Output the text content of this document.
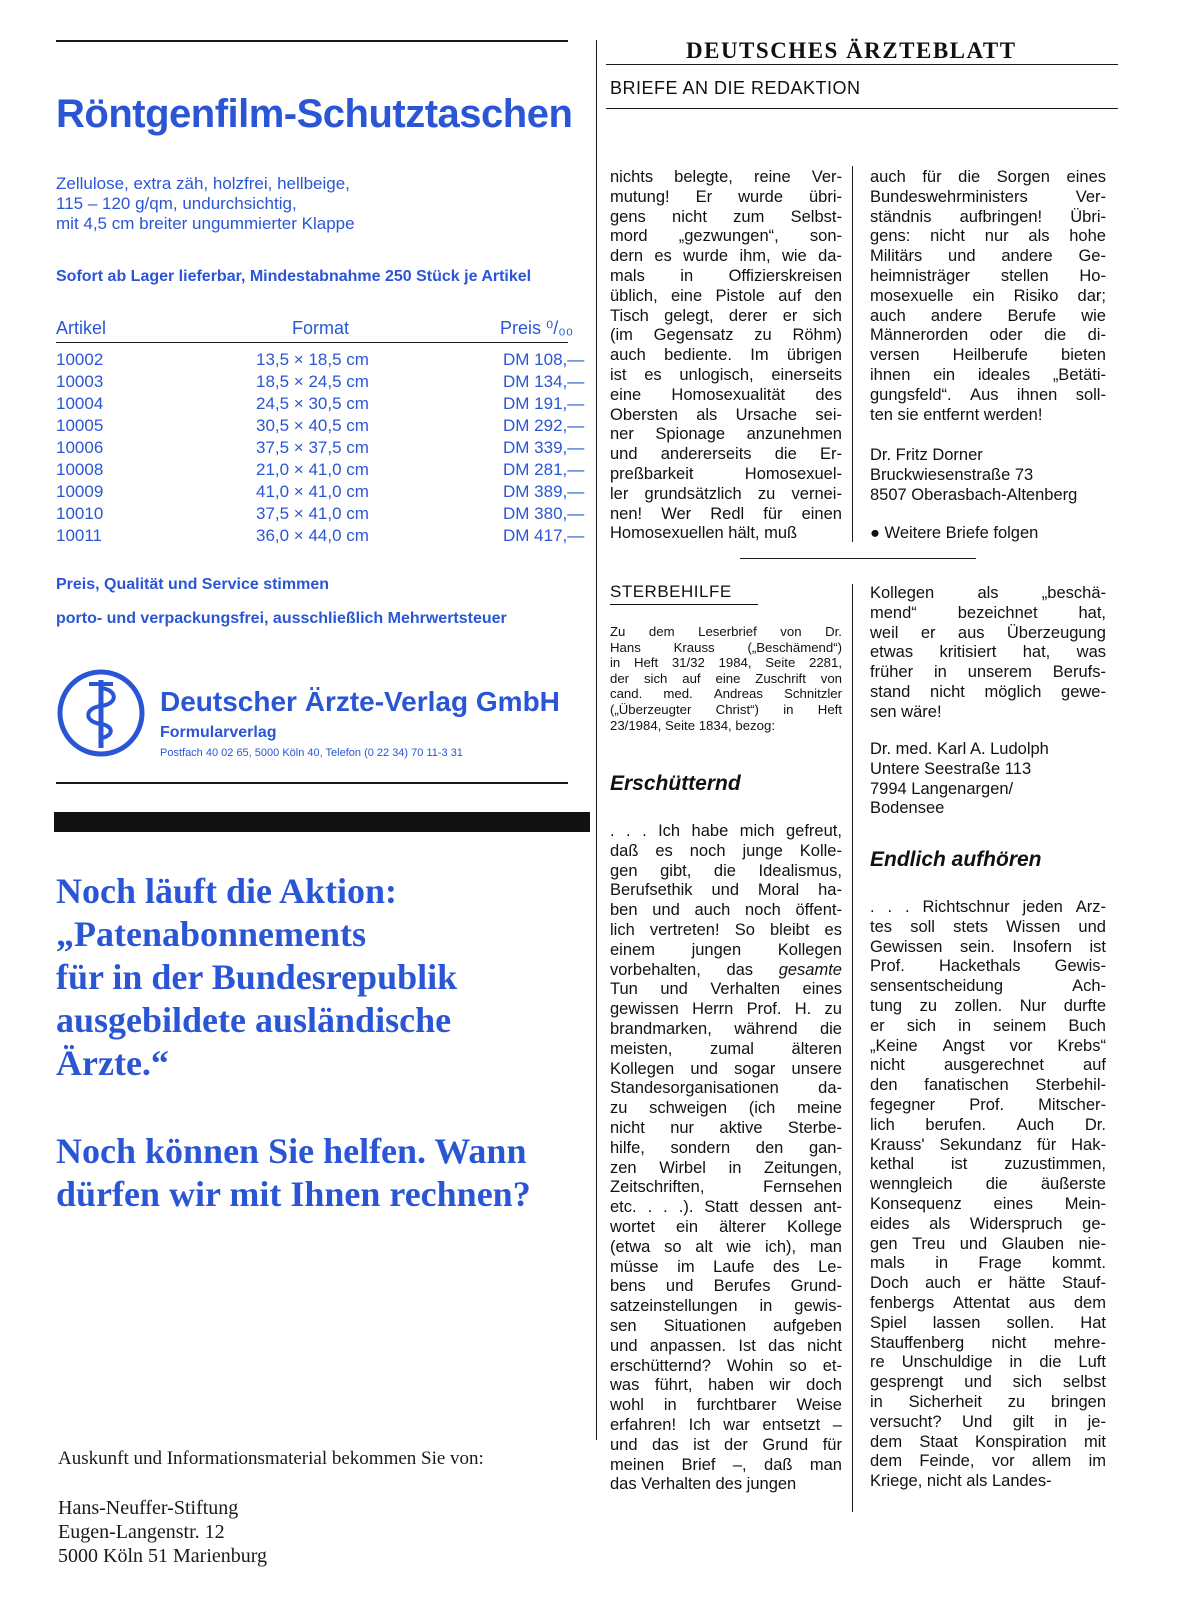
Röntgenfilm-Schutztaschen
Zellulose, extra zäh, holzfrei, hellbeige,
115 – 120 g/qm, undurchsichtig,
mit 4,5 cm breiter ungummierter Klappe
Sofort ab Lager lieferbar, Mindestabnahme 250 Stück je Artikel
Artikel	Format	Preis ⁰/₀₀
10002	13,5 × 18,5 cm	DM 108,—
10003	18,5 × 24,5 cm	DM 134,—
10004	24,5 × 30,5 cm	DM 191,—
10005	30,5 × 40,5 cm	DM 292,—
10006	37,5 × 37,5 cm	DM 339,—
10008	21,0 × 41,0 cm	DM 281,—
10009	41,0 × 41,0 cm	DM 389,—
10010	37,5 × 41,0 cm	DM 380,—
10011	36,0 × 44,0 cm	DM 417,—
Preis, Qualität und Service stimmen
porto- und verpackungsfrei, ausschließlich Mehrwertsteuer
Deutscher Ärzte-Verlag GmbH
Formularverlag
Postfach 40 02 65, 5000 Köln 40, Telefon (0 22 34) 70 11-3 31
Noch läuft die Aktion:
„Patenabonnements
für in der Bundesrepublik
ausgebildete ausländische
Ärzte.“
Noch können Sie helfen. Wann
dürfen wir mit Ihnen rechnen?
Auskunft und Informationsmaterial bekommen Sie von:
Hans-Neuffer-Stiftung
Eugen-Langenstr. 12
5000 Köln 51 Marienburg
DEUTSCHES ÄRZTEBLATT
BRIEFE AN DIE REDAKTION
nichts belegte, reine Ver-
mutung! Er wurde übri-
gens nicht zum Selbst-
mord „gezwungen“, son-
dern es wurde ihm, wie da-
mals in Offizierskreisen
üblich, eine Pistole auf den
Tisch gelegt, derer er sich
(im Gegensatz zu Röhm)
auch bediente. Im übrigen
ist es unlogisch, einerseits
eine Homosexualität des
Obersten als Ursache sei-
ner Spionage anzunehmen
und andererseits die Er-
preßbarkeit	Homosexuel-
ler grundsätzlich zu vernei-
nen! Wer Redl für einen
Homosexuellen hält, muß
auch für die Sorgen eines
Bundeswehrministers	Ver-
ständnis aufbringen! Übri-
gens: nicht nur als hohe
Militärs und andere Ge-
heimnisträger stellen Ho-
mosexuelle ein Risiko dar;
auch andere Berufe wie
Männerorden oder die di-
versen Heilberufe bieten
ihnen ein ideales „Betäti-
gungsfeld“. Aus ihnen soll-
ten sie entfernt werden!
Dr. Fritz Dorner
Bruckwiesenstraße 73
8507 Oberasbach-Altenberg
● Weitere Briefe folgen
STERBEHILFE
Zu dem Leserbrief von Dr.
Hans Krauss („Beschämend“)
in Heft 31/32 1984, Seite 2281,
der sich auf eine Zuschrift von
cand. med. Andreas Schnitzler
(„Überzeugter Christ“) in Heft
23/1984, Seite 1834, bezog:
Erschütternd
. . . Ich habe mich gefreut,
daß es noch junge Kolle-
gen gibt, die Idealismus,
Berufsethik und Moral ha-
ben und auch noch öffent-
lich vertreten! So bleibt es
einem jungen Kollegen
vorbehalten, das gesamte
Tun und Verhalten eines
gewissen Herrn Prof. H. zu
brandmarken, während die
meisten, zumal älteren
Kollegen und sogar unsere
Standesorganisationen da-
zu schweigen (ich meine
nicht nur aktive Sterbe-
hilfe, sondern den gan-
zen Wirbel in Zeitungen,
Zeitschriften,	Fernsehen
etc. . . .). Statt dessen ant-
wortet ein älterer Kollege
(etwa so alt wie ich), man
müsse im Laufe des Le-
bens und Berufes Grund-
satzeinstellungen in gewis-
sen Situationen aufgeben
und anpassen. Ist das nicht
erschütternd? Wohin so et-
was führt, haben wir doch
wohl in furchtbarer Weise
erfahren! Ich war entsetzt –
und das ist der Grund für
meinen Brief –, daß man
das Verhalten des jungen
Kollegen	als	„beschä-
mend“ bezeichnet hat,
weil er aus Überzeugung
etwas kritisiert hat, was
früher in unserem Berufs-
stand nicht möglich gewe-
sen wäre!
Dr. med. Karl A. Ludolph
Untere Seestraße 113
7994 Langenargen/
Bodensee
Endlich aufhören
. . . Richtschnur jeden Arz-
tes soll stets Wissen und
Gewissen sein. Insofern ist
Prof. Hackethals Gewis-
sensentscheidung	Ach-
tung zu zollen. Nur durfte
er sich in seinem Buch
„Keine Angst vor Krebs“
nicht ausgerechnet auf
den fanatischen Sterbehil-
fegegner Prof. Mitscher-
lich berufen. Auch Dr.
Krauss' Sekundanz für Hak-
kethal ist zuzustimmen,
wenngleich die äußerste
Konsequenz eines Mein-
eides als Widerspruch ge-
gen Treu und Glauben nie-
mals in Frage kommt.
Doch auch er hätte Stauf-
fenbergs Attentat aus dem
Spiel lassen sollen. Hat
Stauffenberg nicht mehre-
re Unschuldige in die Luft
gesprengt und sich selbst
in Sicherheit zu bringen
versucht? Und gilt in je-
dem Staat Konspiration mit
dem Feinde, vor allem im
Kriege, nicht als Landes-
